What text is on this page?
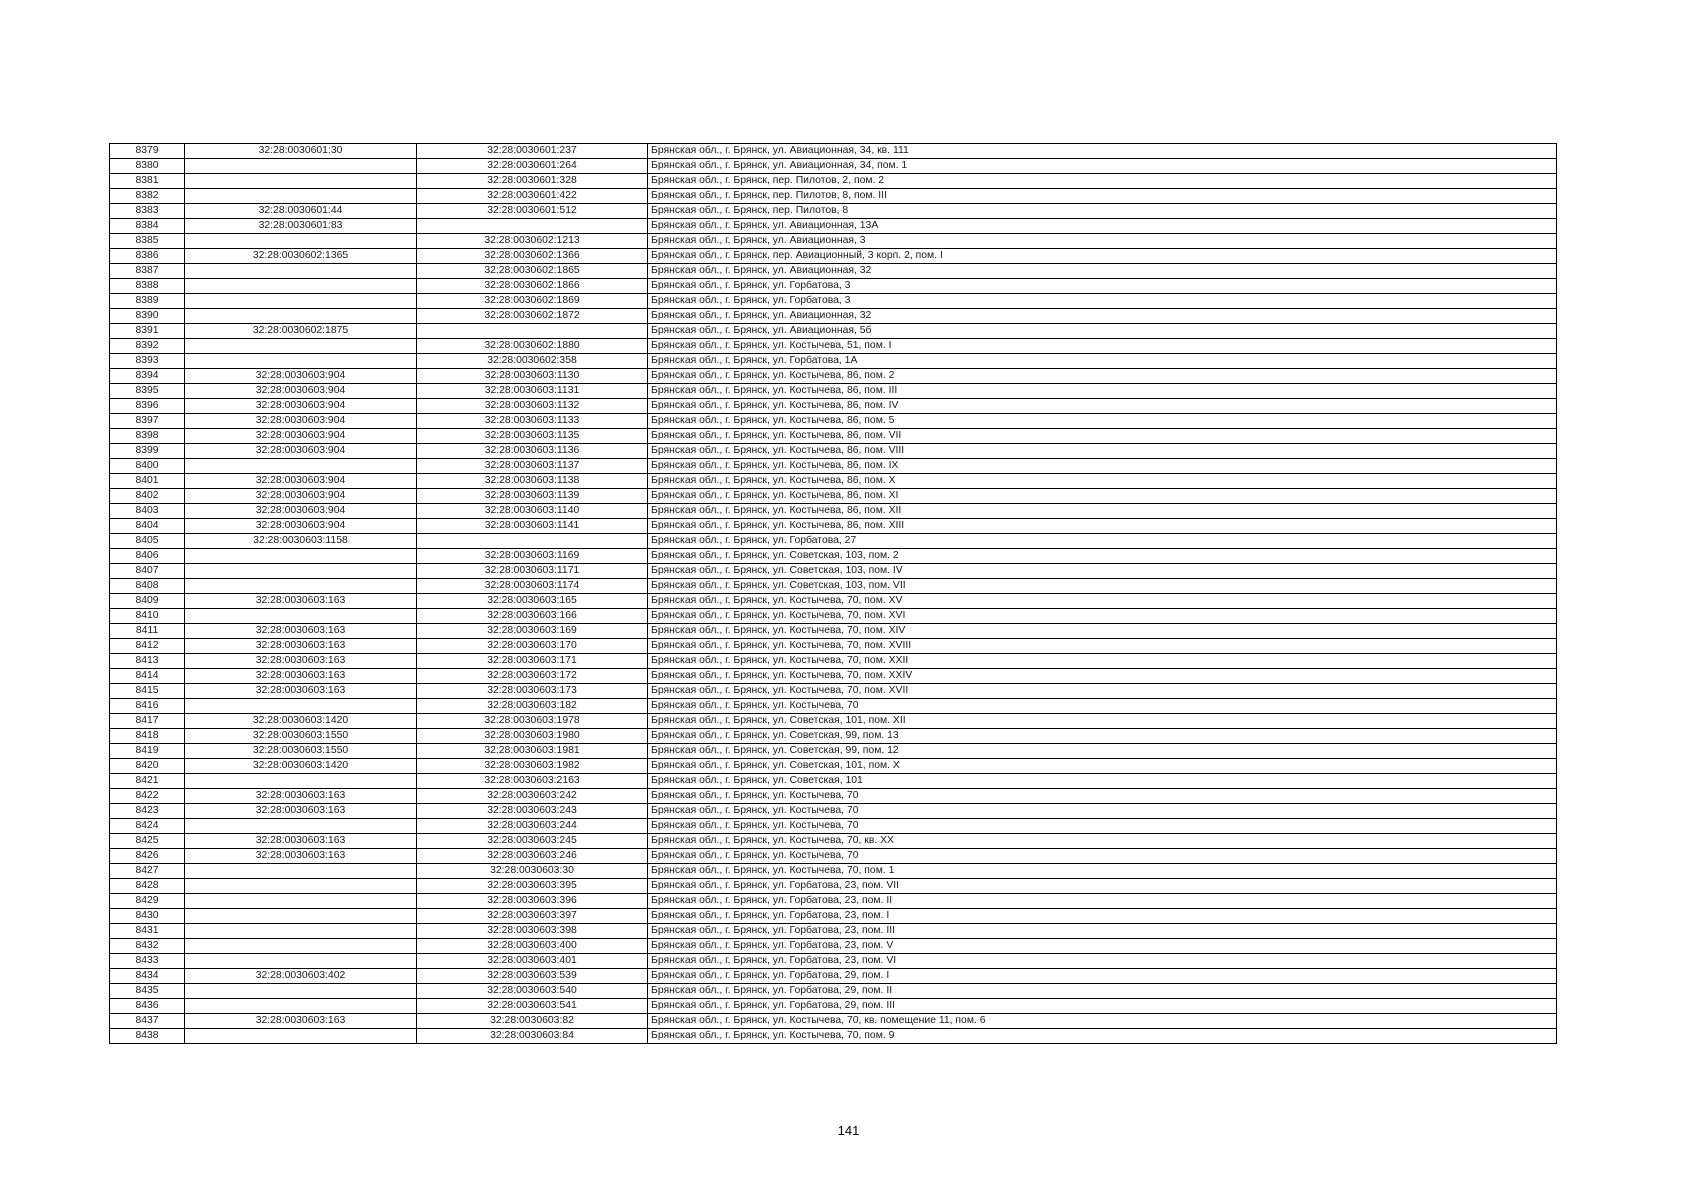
8379	32:28:0030601:30	32:28:0030601:237	Брянская обл., г. Брянск, ул. Авиационная, 34, кв. 111
8380		32:28:0030601:264	Брянская обл., г. Брянск, ул. Авиационная, 34, пом. 1
8381		32:28:0030601:328	Брянская обл., г. Брянск, пер. Пилотов, 2, пом. 2
8382		32:28:0030601:422	Брянская обл., г. Брянск, пер. Пилотов, 8, пом. III
8383	32:28:0030601:44	32:28:0030601:512	Брянская обл., г. Брянск, пер. Пилотов, 8
8384	32:28:0030601:83		Брянская обл., г. Брянск, ул. Авиационная, 13А
8385		32:28:0030602:1213	Брянская обл., г. Брянск, ул. Авиационная, 3
8386	32:28:0030602:1365	32:28:0030602:1366	Брянская обл., г. Брянск, пер. Авиационный, 3 корп. 2, пом. I
8387		32:28:0030602:1865	Брянская обл., г. Брянск, ул. Авиационная, 32
8388		32:28:0030602:1866	Брянская обл., г. Брянск, ул. Горбатова, 3
8389		32:28:0030602:1869	Брянская обл., г. Брянск, ул. Горбатова, 3
8390		32:28:0030602:1872	Брянская обл., г. Брянск, ул. Авиационная, 32
8391	32:28:0030602:1875		Брянская обл., г. Брянск, ул. Авиационная, 5б
8392		32:28:0030602:1880	Брянская обл., г. Брянск, ул. Костычева, 51, пом. I
8393		32:28:0030602:358	Брянская обл., г. Брянск, ул. Горбатова, 1А
8394	32:28:0030603:904	32:28:0030603:1130	Брянская обл., г. Брянск, ул. Костычева, 86, пом. 2
8395	32:28:0030603:904	32:28:0030603:1131	Брянская обл., г. Брянск, ул. Костычева, 86, пом. III
8396	32:28:0030603:904	32:28:0030603:1132	Брянская обл., г. Брянск, ул. Костычева, 86, пом. IV
8397	32:28:0030603:904	32:28:0030603:1133	Брянская обл., г. Брянск, ул. Костычева, 86, пом. 5
8398	32:28:0030603:904	32:28:0030603:1135	Брянская обл., г. Брянск, ул. Костычева, 86, пом. VII
8399	32:28:0030603:904	32:28:0030603:1136	Брянская обл., г. Брянск, ул. Костычева, 86, пом. VIII
8400		32:28:0030603:1137	Брянская обл., г. Брянск, ул. Костычева, 86, пом. IX
8401	32:28:0030603:904	32:28:0030603:1138	Брянская обл., г. Брянск, ул. Костычева, 86, пом. X
8402	32:28:0030603:904	32:28:0030603:1139	Брянская обл., г. Брянск, ул. Костычева, 86, пом. XI
8403	32:28:0030603:904	32:28:0030603:1140	Брянская обл., г. Брянск, ул. Костычева, 86, пом. XII
8404	32:28:0030603:904	32:28:0030603:1141	Брянская обл., г. Брянск, ул. Костычева, 86, пом. XIII
8405	32:28:0030603:1158		Брянская обл., г. Брянск, ул. Горбатова, 27
8406		32:28:0030603:1169	Брянская обл., г. Брянск, ул. Советская, 103, пом. 2
8407		32:28:0030603:1171	Брянская обл., г. Брянск, ул. Советская, 103, пом. IV
8408		32:28:0030603:1174	Брянская обл., г. Брянск, ул. Советская, 103, пом. VII
8409	32:28:0030603:163	32:28:0030603:165	Брянская обл., г. Брянск, ул. Костычева, 70, пом. XV
8410		32:28:0030603:166	Брянская обл., г. Брянск, ул. Костычева, 70, пом. XVI
8411	32:28:0030603:163	32:28:0030603:169	Брянская обл., г. Брянск, ул. Костычева, 70, пом. XIV
8412	32:28:0030603:163	32:28:0030603:170	Брянская обл., г. Брянск, ул. Костычева, 70, пом. XVIII
8413	32:28:0030603:163	32:28:0030603:171	Брянская обл., г. Брянск, ул. Костычева, 70, пом. XXII
8414	32:28:0030603:163	32:28:0030603:172	Брянская обл., г. Брянск, ул. Костычева, 70, пом. XXIV
8415	32:28:0030603:163	32:28:0030603:173	Брянская обл., г. Брянск, ул. Костычева, 70, пом. XVII
8416		32:28:0030603:182	Брянская обл., г. Брянск, ул. Костычева, 70
8417	32:28:0030603:1420	32:28:0030603:1978	Брянская обл., г. Брянск, ул. Советская, 101, пом. XII
8418	32:28:0030603:1550	32:28:0030603:1980	Брянская обл., г. Брянск, ул. Советская, 99, пом. 13
8419	32:28:0030603:1550	32:28:0030603:1981	Брянская обл., г. Брянск, ул. Советская, 99, пом. 12
8420	32:28:0030603:1420	32:28:0030603:1982	Брянская обл., г. Брянск, ул. Советская, 101, пом. X
8421		32:28:0030603:2163	Брянская обл., г. Брянск, ул. Советская, 101
8422	32:28:0030603:163	32:28:0030603:242	Брянская обл., г. Брянск, ул. Костычева, 70
8423	32:28:0030603:163	32:28:0030603:243	Брянская обл., г. Брянск, ул. Костычева, 70
8424		32:28:0030603:244	Брянская обл., г. Брянск, ул. Костычева, 70
8425	32:28:0030603:163	32:28:0030603:245	Брянская обл., г. Брянск, ул. Костычева, 70, кв. XX
8426	32:28:0030603:163	32:28:0030603:246	Брянская обл., г. Брянск, ул. Костычева, 70
8427		32:28:0030603:30	Брянская обл., г. Брянск, ул. Костычева, 70, пом. 1
8428		32:28:0030603:395	Брянская обл., г. Брянск, ул. Горбатова, 23, пом. VII
8429		32:28:0030603:396	Брянская обл., г. Брянск, ул. Горбатова, 23, пом. II
8430		32:28:0030603:397	Брянская обл., г. Брянск, ул. Горбатова, 23, пом. I
8431		32:28:0030603:398	Брянская обл., г. Брянск, ул. Горбатова, 23, пом. III
8432		32:28:0030603:400	Брянская обл., г. Брянск, ул. Горбатова, 23, пом. V
8433		32:28:0030603:401	Брянская обл., г. Брянск, ул. Горбатова, 23, пом. VI
8434	32:28:0030603:402	32:28:0030603:539	Брянская обл., г. Брянск, ул. Горбатова, 29, пом. I
8435		32:28:0030603:540	Брянская обл., г. Брянск, ул. Горбатова, 29, пом. II
8436		32:28:0030603:541	Брянская обл., г. Брянск, ул. Горбатова, 29, пом. III
8437	32:28:0030603:163	32:28:0030603:82	Брянская обл., г. Брянск, ул. Костычева, 70, кв. помещение 11, пом. 6
8438		32:28:0030603:84	Брянская обл., г. Брянск, ул. Костычева, 70, пом. 9
141
